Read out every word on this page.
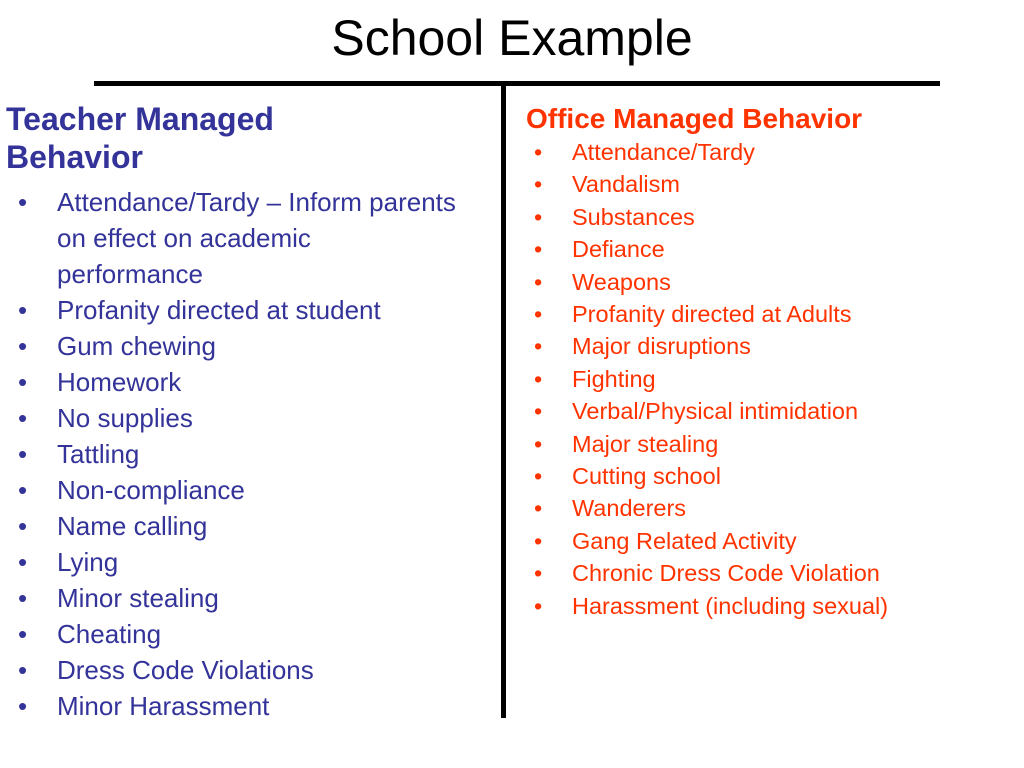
School Example
Teacher Managed Behavior
• Attendance/Tardy – Inform parents on effect on academic performance
• Profanity directed at student
• Gum chewing
• Homework
• No supplies
• Tattling
• Non-compliance
• Name calling
• Lying
• Minor stealing
• Cheating
• Dress Code Violations
• Minor Harassment
Office Managed Behavior
• Attendance/Tardy
• Vandalism
• Substances
• Defiance
• Weapons
• Profanity directed at Adults
• Major disruptions
• Fighting
• Verbal/Physical intimidation
• Major stealing
• Cutting school
• Wanderers
• Gang Related Activity
• Chronic Dress Code Violation
• Harassment (including sexual)
